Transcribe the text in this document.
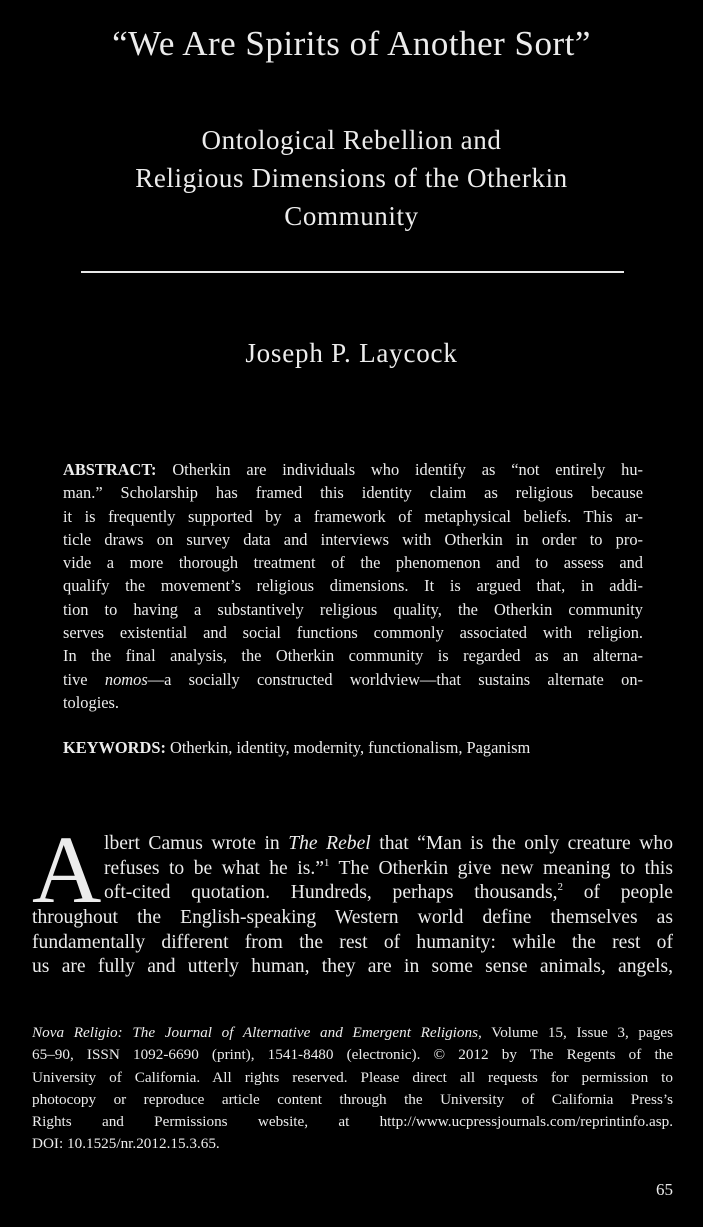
“We Are Spirits of Another Sort”
Ontological Rebellion and
Religious Dimensions of the Otherkin
Community
Joseph P. Laycock
ABSTRACT: Otherkin are individuals who identify as “not entirely hu-
man.” Scholarship has framed this identity claim as religious because
it is frequently supported by a framework of metaphysical beliefs. This ar-
ticle draws on survey data and interviews with Otherkin in order to pro-
vide a more thorough treatment of the phenomenon and to assess and
qualify the movement’s religious dimensions. It is argued that, in addi-
tion to having a substantively religious quality, the Otherkin community
serves existential and social functions commonly associated with religion.
In the final analysis, the Otherkin community is regarded as an alterna-
tive nomos—a socially constructed worldview—that sustains alternate on-
tologies.
KEYWORDS: Otherkin, identity, modernity, functionalism, Paganism
A lbert Camus wrote in The Rebel that “Man is the only creature who
refuses to be what he is.”$^1$ The Otherkin give new meaning to this
oft-cited quotation. Hundreds, perhaps thousands,$^2$ of people
throughout the English-speaking Western world define themselves as
fundamentally different from the rest of humanity: while the rest of
us are fully and utterly human, they are in some sense animals, angels,
Nova Religio: The Journal of Alternative and Emergent Religions, Volume 15, Issue 3, pages
65–90, ISSN 1092-6690 (print), 1541-8480 (electronic). © 2012 by The Regents of the
University of California. All rights reserved. Please direct all requests for permission to
photocopy or reproduce article content through the University of California Press’s
Rights and Permissions website, at http://www.ucpressjournals.com/reprintinfo.asp.
DOI: 10.1525/nr.2012.15.3.65.
65
